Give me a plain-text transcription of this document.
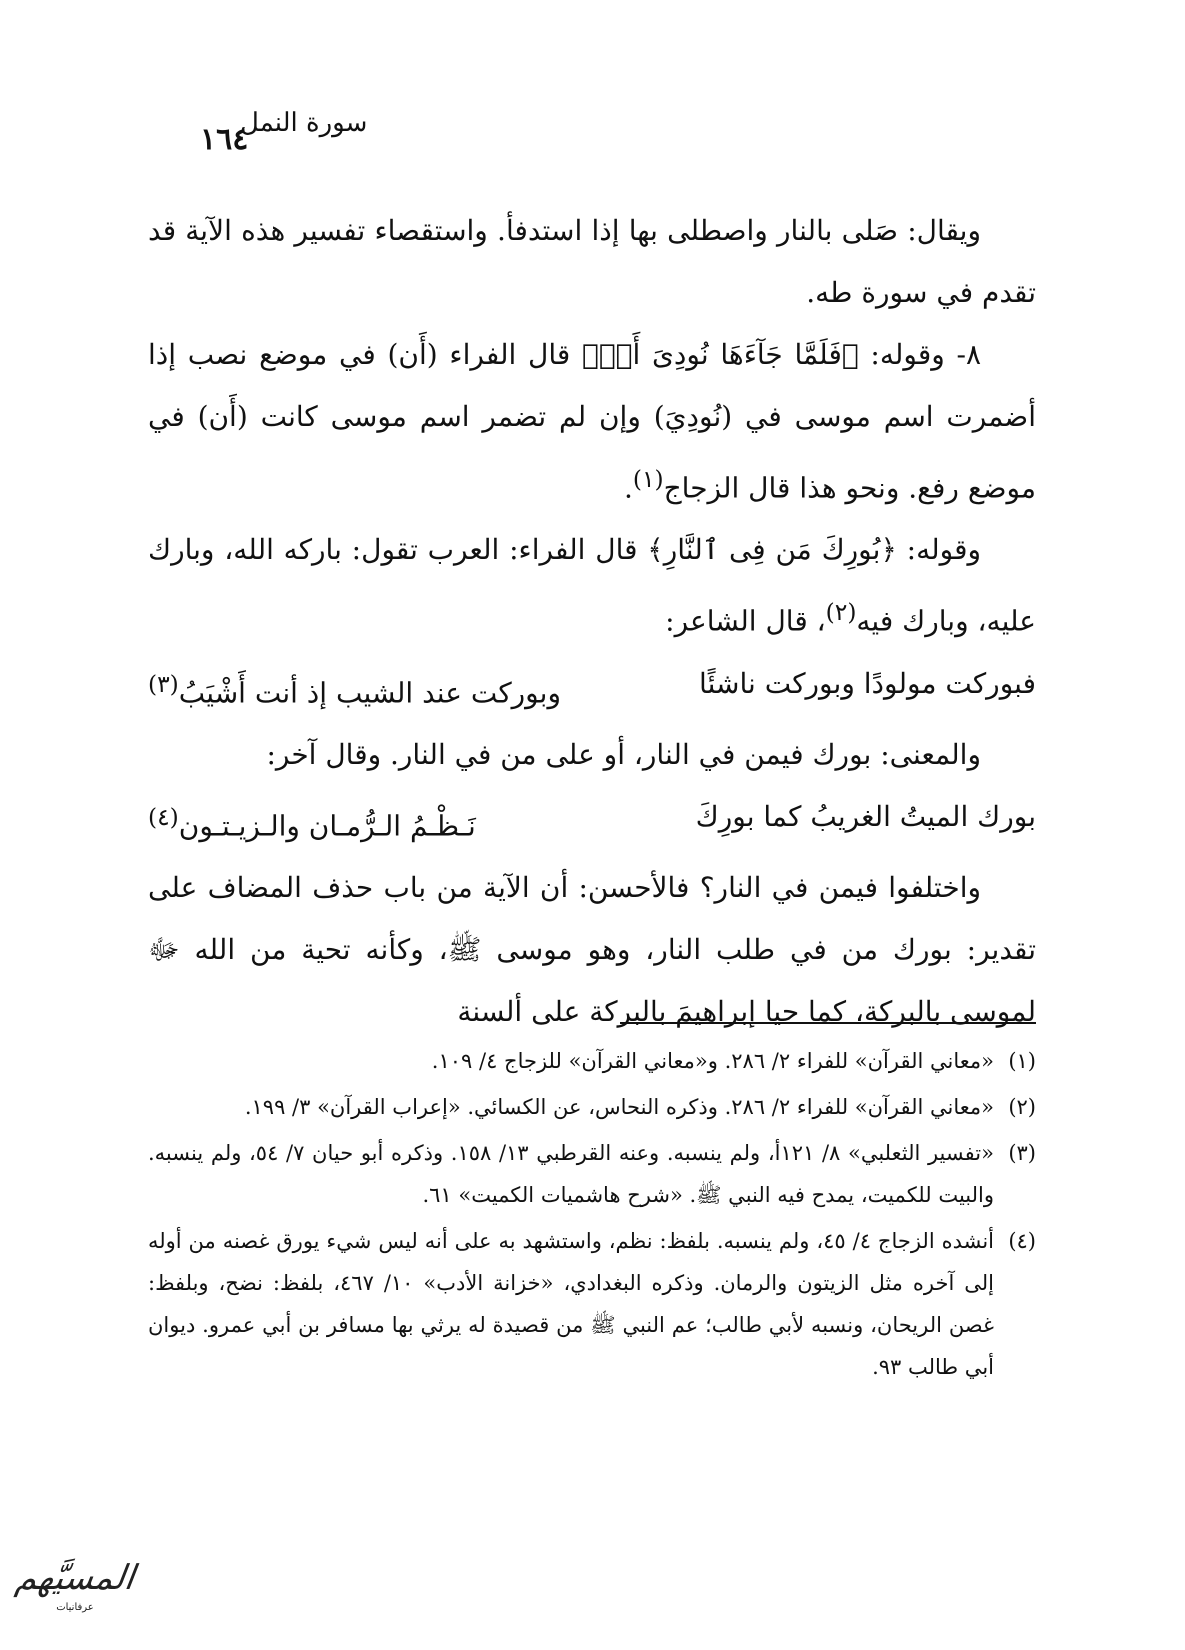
١٦٤
سورة النمل

ويقال: صَلى بالنار واصطلى بها إذا استدفأ. واستقصاء تفسير هذه الآية قد تقدم في سورة طه.

٨- وقوله: ﴿فَلَمَّا جَآءَهَا نُودِىَ أَنۢ﴾ قال الفراء (أَن) في موضع نصب إذا أضمرت اسم موسى في (نُودِيَ) وإن لم تضمر اسم موسى كانت (أَن) في موضع رفع. ونحو هذا قال الزجاج$^{(١)}$.

وقوله: ﴿بُورِكَ مَن فِى ٱلنَّارِ﴾ قال الفراء: العرب تقول: باركه الله، وبارك عليه، وبارك فيه$^{(٢)}$، قال الشاعر:

فبوركت مولودًا وبوركت ناشئًا
وبوركت عند الشيب إذ أنت أَشْيَبُ$^{(٣)}$

والمعنى: بورك فيمن في النار، أو على من في النار. وقال آخر:

بورك الميتُ الغريبُ كما بورِكَ
نَـظْـمُ الـرُّمـان والـزيـتـون$^{(٤)}$

واختلفوا فيمن في النار؟ فالأحسن: أن الآية من باب حذف المضاف على تقدير: بورك من في طلب النار، وهو موسى ﷺ، وكأنه تحية من الله ﷻ لموسى بالبركة، كما حيا إبراهيمَ بالبركة على ألسنة

(١)
«معاني القرآن» للفراء ٢/ ٢٨٦. و«معاني القرآن» للزجاج ٤/ ١٠٩.
(٢)
«معاني القرآن» للفراء ٢/ ٢٨٦. وذكره النحاس، عن الكسائي. «إعراب القرآن» ٣/ ١٩٩.
(٣)
«تفسير الثعلبي» ٨/ ١٢١أ، ولم ينسبه. وعنه القرطبي ١٣/ ١٥٨. وذكره أبو حيان ٧/ ٥٤، ولم ينسبه. والبيت للكميت، يمدح فيه النبي ﷺ. «شرح هاشميات الكميت» ٦١.
(٤)
أنشده الزجاج ٤/ ٤٥، ولم ينسبه. بلفظ: نظم، واستشهد به على أنه ليس شيء يورق غصنه من أوله إلى آخره مثل الزيتون والرمان. وذكره البغدادي، «خزانة الأدب» ١٠/ ٤٦٧، بلفظ: نضح، وبلفظ: غصن الريحان، ونسبه لأبي طالب؛ عم النبي ﷺ من قصيدة له يرثي بها مسافر بن أبي عمرو. ديوان أبي طالب ٩٣.
المسيَّهم
عرفانيات
